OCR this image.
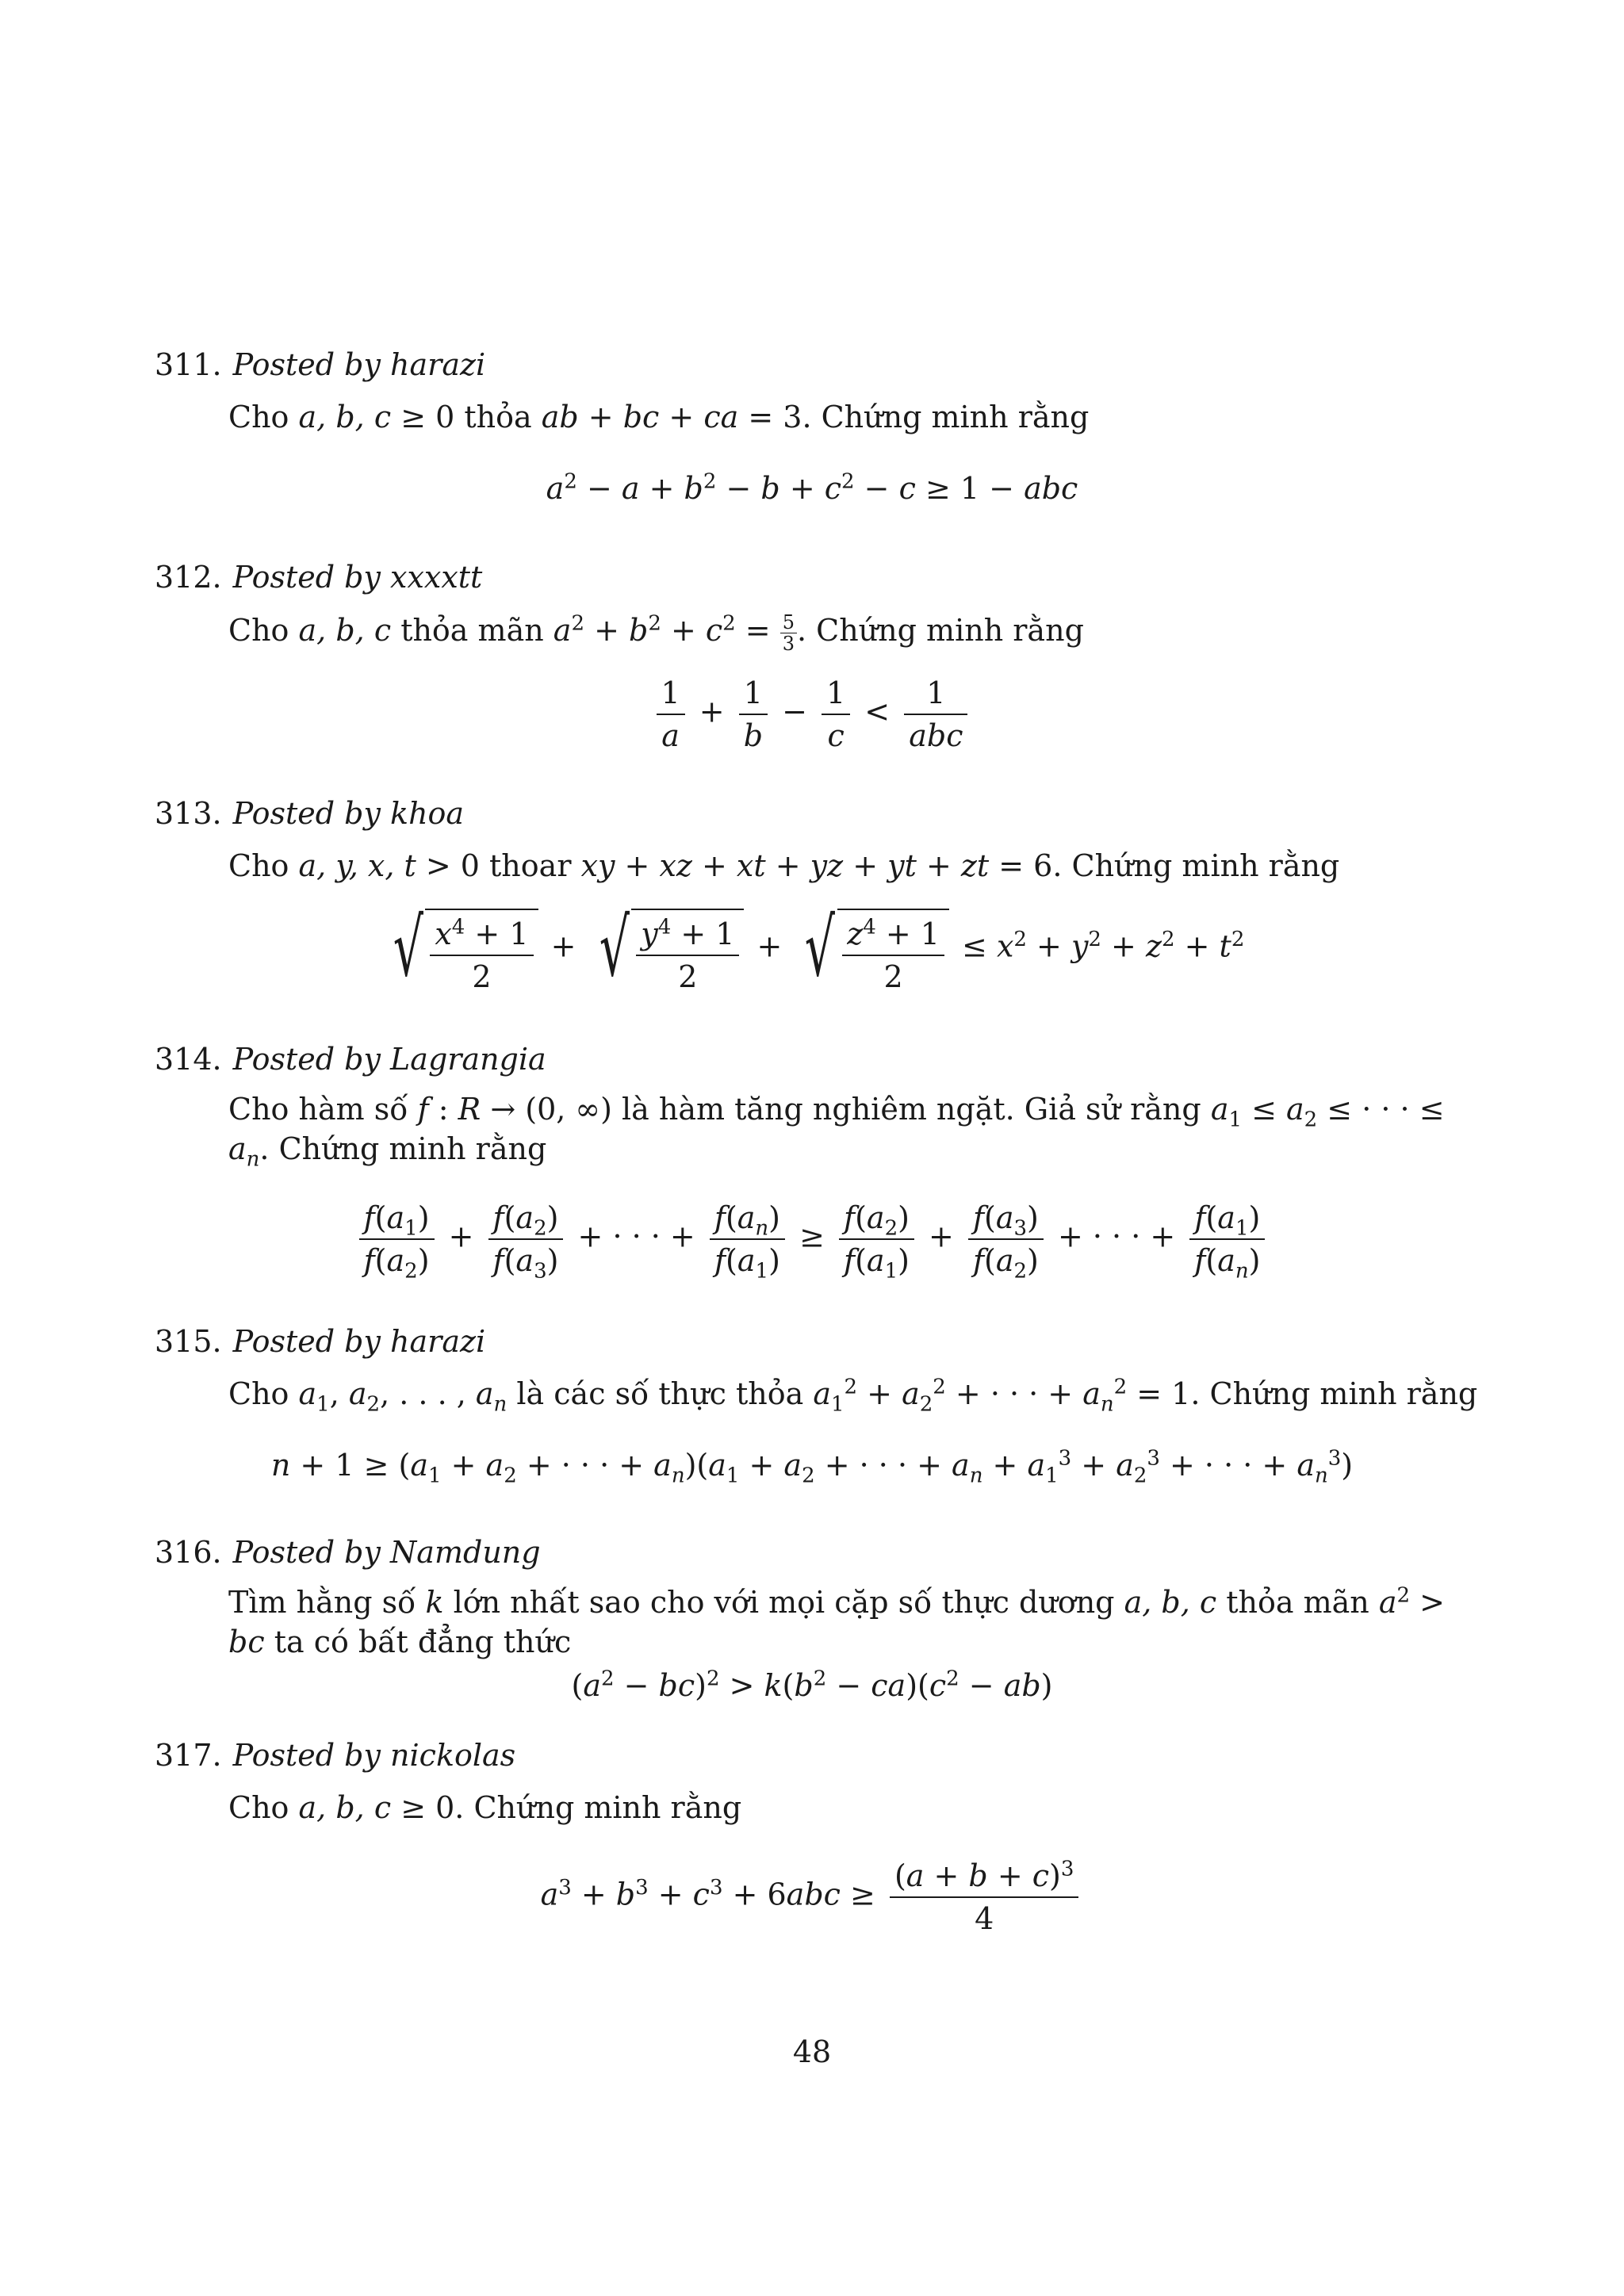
311. Posted by harazi
Cho a, b, c ≥ 0 thỏa ab + bc + ca = 3. Chứng minh rằng
$a^2 - a + b^2 - b + c^2 - c \ge 1$ − abc
312. Posted by xxxxtt
Cho a, b, c thỏa mãn $a^2 + b^2 + c^2 = \frac{5}{3}$ . Chứng minh rằng
$\frac{1}{a} + \frac{1}{b} - \frac{1}{c} < \frac{1}{\text{abc}}$
313. Posted by khoa
Cho a, y, x, t > 0 thoar xy + xz + xt + yz + yt + zt = 6. Chứng minh rằng
√ $\frac{x^4 + 1}{2}$ + √ $\frac{y^4 + 1}{2}$ + √ $\frac{z^4 + 1}{2} \le x^2 + y^2 + z^2 + t^2$
314. Posted by Lagrangia
Cho hàm số f : R → (0, ∞) là hàm tăng nghiêm ngặt. Giả sử rằng $a_1 \le a_2$ ≤ · · · ≤ $a_n$. Chứng minh rằng
$\frac{f(a_1)}{f(a_2)} + \frac{f(a_2)}{f(a_3)}$ + · · · + $\frac{f(a_n)}{f(a_1)} \ge \frac{f(a_2)}{f(a_1)} + \frac{f(a_3)}{f(a_2)}$ + · · · + $\frac{f(a_1)}{f(a_n)}$
315. Posted by harazi
Cho $a_1$, $a_2$, . . . , $a_n$ là các số thực thỏa $a_1^2 + a_2^2$ + · · · + $a_n^2 = 1$. Chứng minh rằng
$n + 1 \ge (a_1 + a_2$ + · · · + $a_n)(a_1 + a_2$ + · · · + $a_n + a_1^3 + a_2^3$ + · · · + $a_n^3$)
316. Posted by Namdung
Tìm hằng số k lớn nhất sao cho với mọi cặp số thực dương a, b, c thỏa mãn $a^2$ > bc ta có bất đẳng thức
$(a^2 - bc)^2 > k(b^2 - ca)(c^2 - ab)$
317. Posted by nickolas
Cho a, b, c ≥ 0. Chứng minh rằng
$a^3 + b^3 + c^3 + 6abc \ge \frac{(a + b + c)^3}{4}$
48
